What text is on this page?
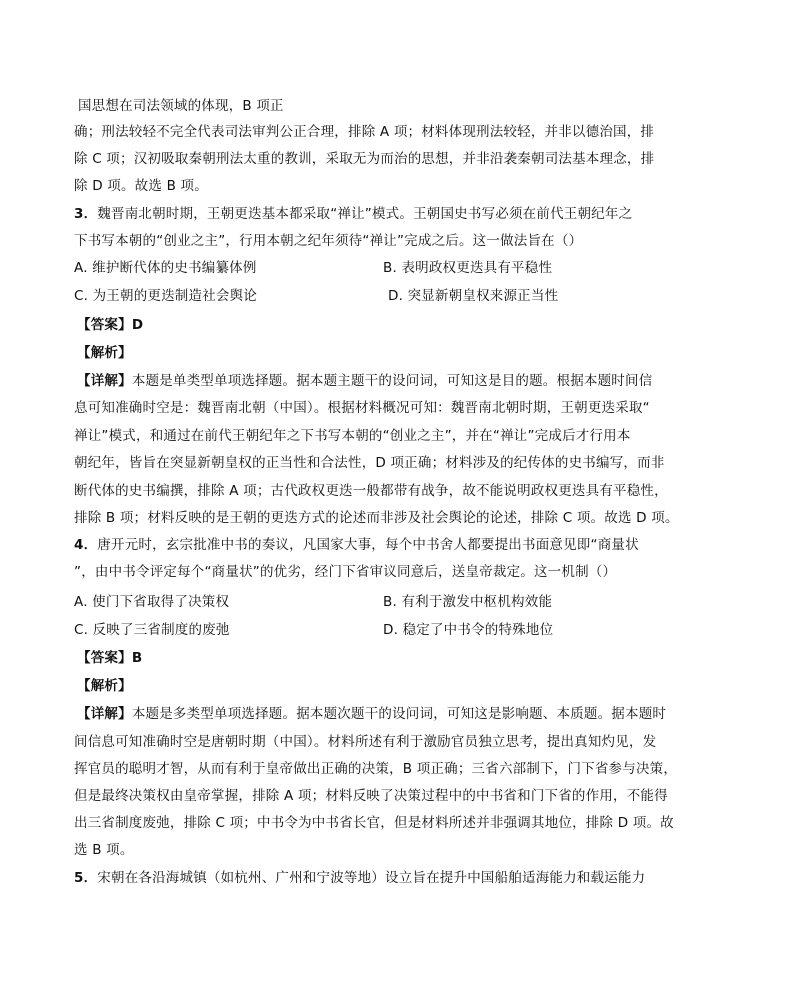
国思想在司法领域的体现，B 项正
确；刑法较轻不完全代表司法审判公正合理，排除 A 项；材料体现刑法较轻，并非以德治国，排
除 C 项；汉初吸取秦朝刑法太重的教训，采取无为而治的思想，并非沿袭秦朝司法基本理念，排
除 D 项。故选 B 项。
3．魏晋南北朝时期，王朝更迭基本都采取“禅让”模式。王朝国史书写必须在前代王朝纪年之
下书写本朝的“创业之主”，行用本朝之纪年须待“禅让”完成之后。这一做法旨在（）
A. 维护断代体的史书编纂体例	B. 表明政权更迭具有平稳性
C. 为王朝的更迭制造社会舆论	D. 突显新朝皇权来源正当性
【答案】D
【解析】
【详解】本题是单类型单项选择题。据本题主题干的设问词，可知这是目的题。根据本题时间信
息可知准确时空是：魏晋南北朝（中国）。根据材料概况可知：魏晋南北朝时期，王朝更迭采取“
禅让”模式，和通过在前代王朝纪年之下书写本朝的“创业之主”，并在“禅让”完成后才行用本
朝纪年，皆旨在突显新朝皇权的正当性和合法性，D 项正确；材料涉及的纪传体的史书编写，而非
断代体的史书编撰，排除 A 项；古代政权更迭一般都带有战争，故不能说明政权更迭具有平稳性，
排除 B 项；材料反映的是王朝的更迭方式的论述而非涉及社会舆论的论述，排除 C 项。故选 D 项。
4．唐开元时，玄宗批准中书的奏议，凡国家大事，每个中书舍人都要提出书面意见即“商量状
”，由中书令评定每个“商量状”的优劣，经门下省审议同意后，送皇帝裁定。这一机制（）
A. 使门下省取得了决策权	B. 有利于激发中枢机构效能
C. 反映了三省制度的废弛	D. 稳定了中书令的特殊地位
【答案】B
【解析】
【详解】本题是多类型单项选择题。据本题次题干的设问词，可知这是影响题、本质题。据本题时
间信息可知准确时空是唐朝时期（中国）。材料所述有利于激励官员独立思考，提出真知灼见，发
挥官员的聪明才智，从而有利于皇帝做出正确的决策，B 项正确；三省六部制下，门下省参与决策，
但是最终决策权由皇帝掌握，排除 A 项；材料反映了决策过程中的中书省和门下省的作用，不能得
出三省制度废弛，排除 C 项；中书令为中书省长官，但是材料所述并非强调其地位，排除 D 项。故
选 B 项。
5．宋朝在各沿海城镇（如杭州、广州和宁波等地）设立旨在提升中国船舶适海能力和载运能力
